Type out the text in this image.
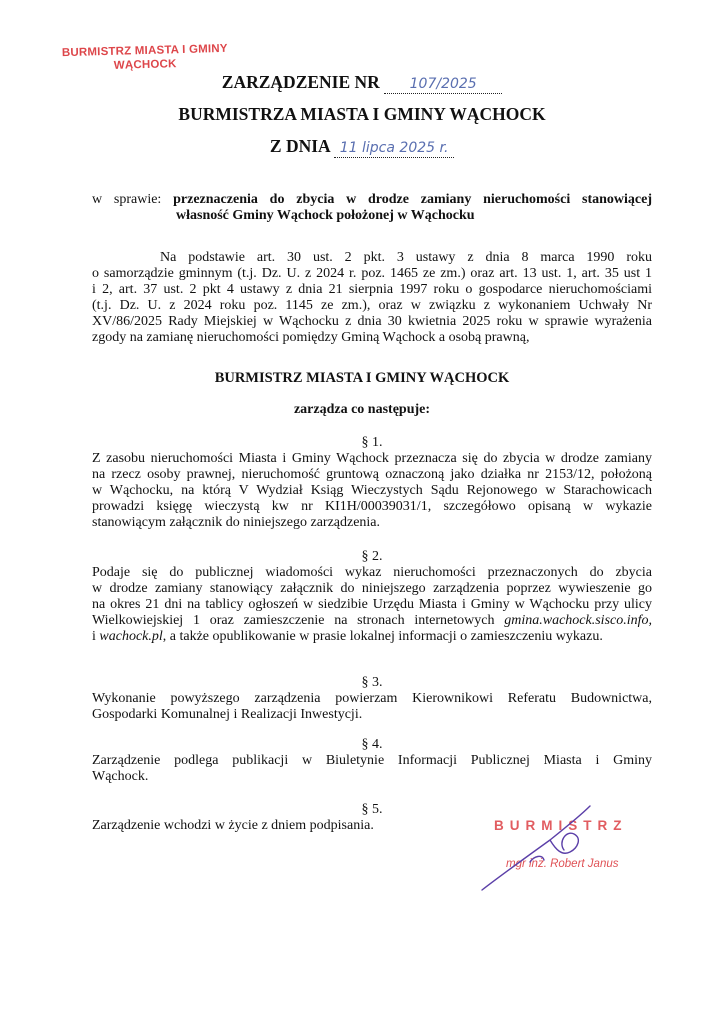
BURMISTRZ MIASTA I GMINY
WĄCHOCK
ZARZĄDZENIE NR 107/2025
BURMISTRZA MIASTA I GMINY WĄCHOCK
Z DNIA 11 lipca 2025 r.
w sprawie: przeznaczenia do zbycia w drodze zamiany nieruchomości stanowiącej
własność Gminy Wąchock położonej w Wąchocku
Na podstawie art. 30 ust. 2 pkt. 3 ustawy z dnia 8 marca 1990 roku
o samorządzie gminnym (t.j. Dz. U. z 2024 r. poz. 1465 ze zm.) oraz art. 13 ust. 1, art. 35 ust 1
i 2, art. 37 ust. 2 pkt 4 ustawy z dnia 21 sierpnia 1997 roku o gospodarce nieruchomościami
(t.j. Dz. U. z 2024 roku poz. 1145 ze zm.), oraz w związku z wykonaniem Uchwały Nr
XV/86/2025 Rady Miejskiej w Wąchocku z dnia 30 kwietnia 2025 roku w sprawie wyrażenia
zgody na zamianę nieruchomości pomiędzy Gminą Wąchock a osobą prawną,
BURMISTRZ MIASTA I GMINY WĄCHOCK
zarządza co następuje:
§ 1.
Z zasobu nieruchomości Miasta i Gminy Wąchock przeznacza się do zbycia w drodze zamiany
na rzecz osoby prawnej, nieruchomość gruntową oznaczoną jako działka nr 2153/12, położoną
w Wąchocku, na którą V Wydział Ksiąg Wieczystych Sądu Rejonowego w Starachowicach
prowadzi księgę wieczystą kw nr KI1H/00039031/1, szczegółowo opisaną w wykazie
stanowiącym załącznik do niniejszego zarządzenia.
§ 2.
Podaje się do publicznej wiadomości wykaz nieruchomości przeznaczonych do zbycia
w drodze zamiany stanowiący załącznik do niniejszego zarządzenia poprzez wywieszenie go
na okres 21 dni na tablicy ogłoszeń w siedzibie Urzędu Miasta i Gminy w Wąchocku przy ulicy
Wielkowiejskiej 1 oraz zamieszczenie na stronach internetowych gmina.wachock.sisco.info,
i wachock.pl, a także opublikowanie w prasie lokalnej informacji o zamieszczeniu wykazu.
§ 3.
Wykonanie powyższego zarządzenia powierzam Kierownikowi Referatu Budownictwa,
Gospodarki Komunalnej i Realizacji Inwestycji.
§ 4.
Zarządzenie podlega publikacji w Biuletynie Informacji Publicznej Miasta i Gminy
Wąchock.
§ 5.
Zarządzenie wchodzi w życie z dniem podpisania.	BURMISTRZ
mgr inż. Robert Janus
